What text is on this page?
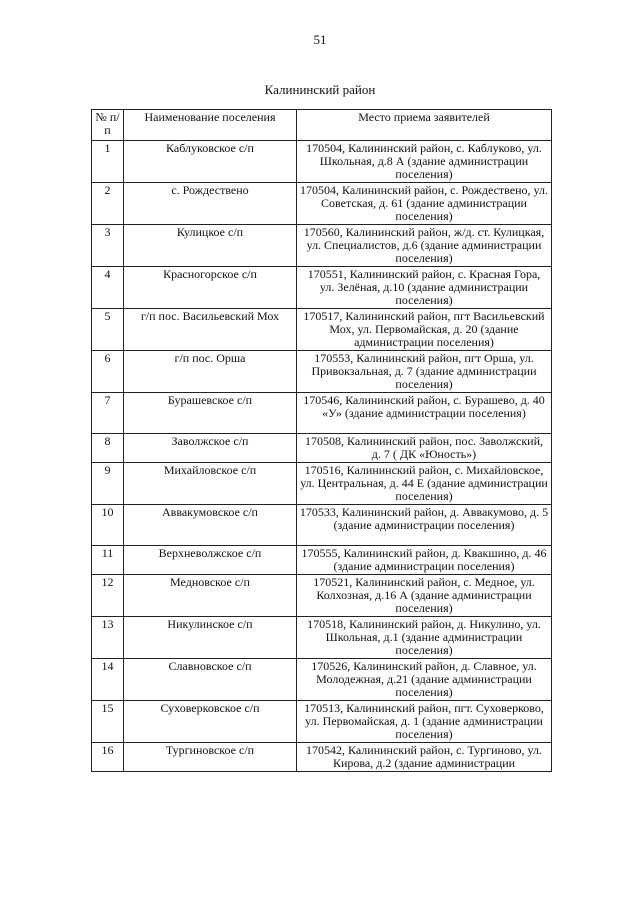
51
Калининский район
№ п/п	Наименование поселения	Место приема заявителей
1	Каблуковское с/п	170504, Калининский район, с. Каблуково, ул. Школьная, д.8 А (здание администрации поселения)
2	с. Рождествено	170504, Калининский район, с. Рождествено, ул. Советская, д. 61 (здание администрации поселения)
3	Кулицкое с/п	170560, Калининский район, ж/д. ст. Кулицкая, ул. Специалистов, д.6 (здание администрации поселения)
4	Красногорское с/п	170551, Калининский район, с. Красная Гора, ул. Зелёная, д.10 (здание администрации поселения)
5	г/п пос. Васильевский Мох	170517, Калининский район, пгт Васильевский Мох, ул. Первомайская, д. 20 (здание администрации поселения)
6	г/п пос. Орша	170553, Калининский район, пгт Орша, ул. Привокзальная, д. 7 (здание администрации поселения)
7	Бурашевское с/п	170546, Калининский район, с. Бурашево, д. 40 «У» (здание администрации поселения)
8	Заволжское с/п	170508, Калининский район, пос. Заволжский, д. 7 ( ДК «Юность»)
9	Михайловское с/п	170516, Калининский район, с. Михайловское, ул. Центральная, д. 44 Е (здание администрации поселения)
10	Аввакумовское с/п	170533, Калининский район, д. Аввакумово, д. 5 (здание администрации поселения)
11	Верхневолжское с/п	170555, Калининский район, д. Квакшино, д. 46 (здание администрации поселения)
12	Медновское с/п	170521, Калининский район, с. Медное, ул. Колхозная, д.16 А (здание администрации поселения)
13	Никулинское с/п	170518, Калининский район, д. Никулино, ул. Школьная, д.1 (здание администрации поселения)
14	Славновское с/п	170526, Калининский район, д. Славное, ул. Молодежная, д.21 (здание администрации поселения)
15	Суховерковское с/п	170513, Калининский район, пгт. Суховерково, ул. Первомайская, д. 1 (здание администрации поселения)
16	Тургиновское с/п	170542, Калининский район, с. Тургиново, ул. Кирова, д.2 (здание администрации
